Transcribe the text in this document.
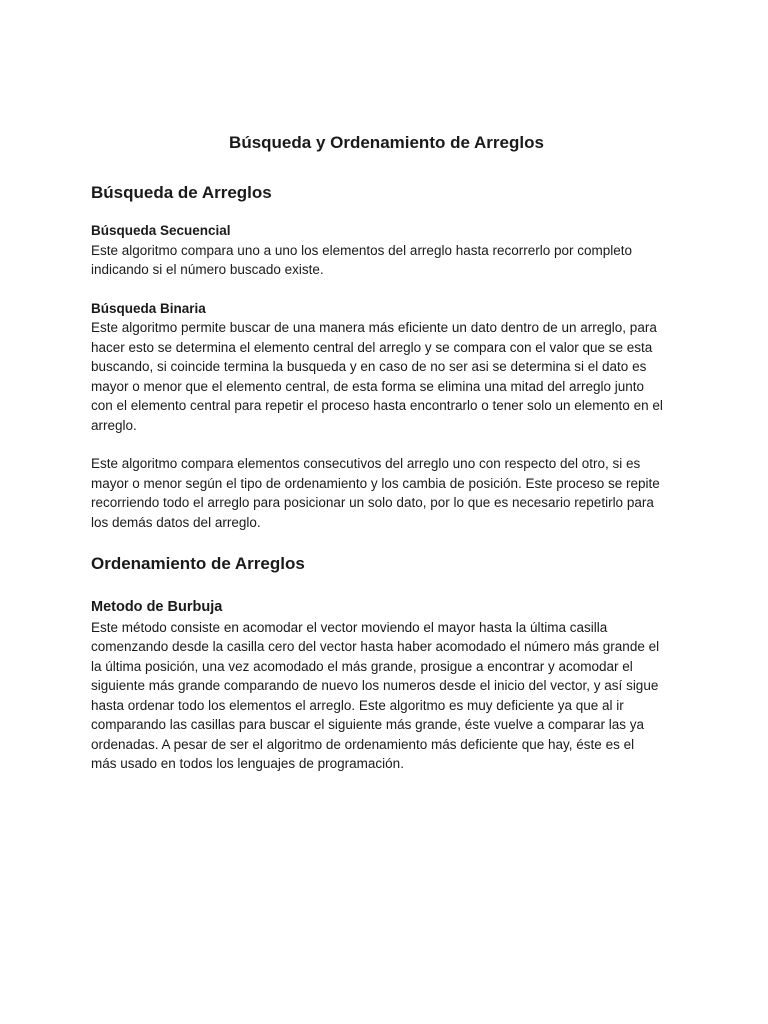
Búsqueda y Ordenamiento de Arreglos
Búsqueda de Arreglos
Búsqueda Secuencial

Este algoritmo compara uno a uno los elementos del arreglo hasta recorrerlo por completo
indicando si el número buscado existe.

Búsqueda Binaria

Este algoritmo permite buscar de una manera más eficiente un dato dentro de un arreglo, para
hacer esto se determina el elemento central del arreglo y se compara con el valor que se esta
buscando, si coincide termina la busqueda y en caso de no ser asi se determina si el dato es
mayor o menor que el elemento central, de esta forma se elimina una mitad del arreglo junto
con el elemento central para repetir el proceso hasta encontrarlo o tener solo un elemento en el
arreglo.

Este algoritmo compara elementos consecutivos del arreglo uno con respecto del otro, si es
mayor o menor según el tipo de ordenamiento y los cambia de posición. Este proceso se repite
recorriendo todo el arreglo para posicionar un solo dato, por lo que es necesario repetirlo para
los demás datos del arreglo.

Ordenamiento de Arreglos
Metodo de Burbuja

Este método consiste en acomodar el vector moviendo el mayor hasta la última casilla
comenzando desde la casilla cero del vector hasta haber acomodado el número más grande el
la última posición, una vez acomodado el más grande, prosigue a encontrar y acomodar el
siguiente más grande comparando de nuevo los numeros desde el inicio del vector, y así sigue
hasta ordenar todo los elementos el arreglo. Este algoritmo es muy deficiente ya que al ir
comparando las casillas para buscar el siguiente más grande, éste vuelve a comparar las ya
ordenadas. A pesar de ser el algoritmo de ordenamiento más deficiente que hay, éste es el
más usado en todos los lenguajes de programación.
